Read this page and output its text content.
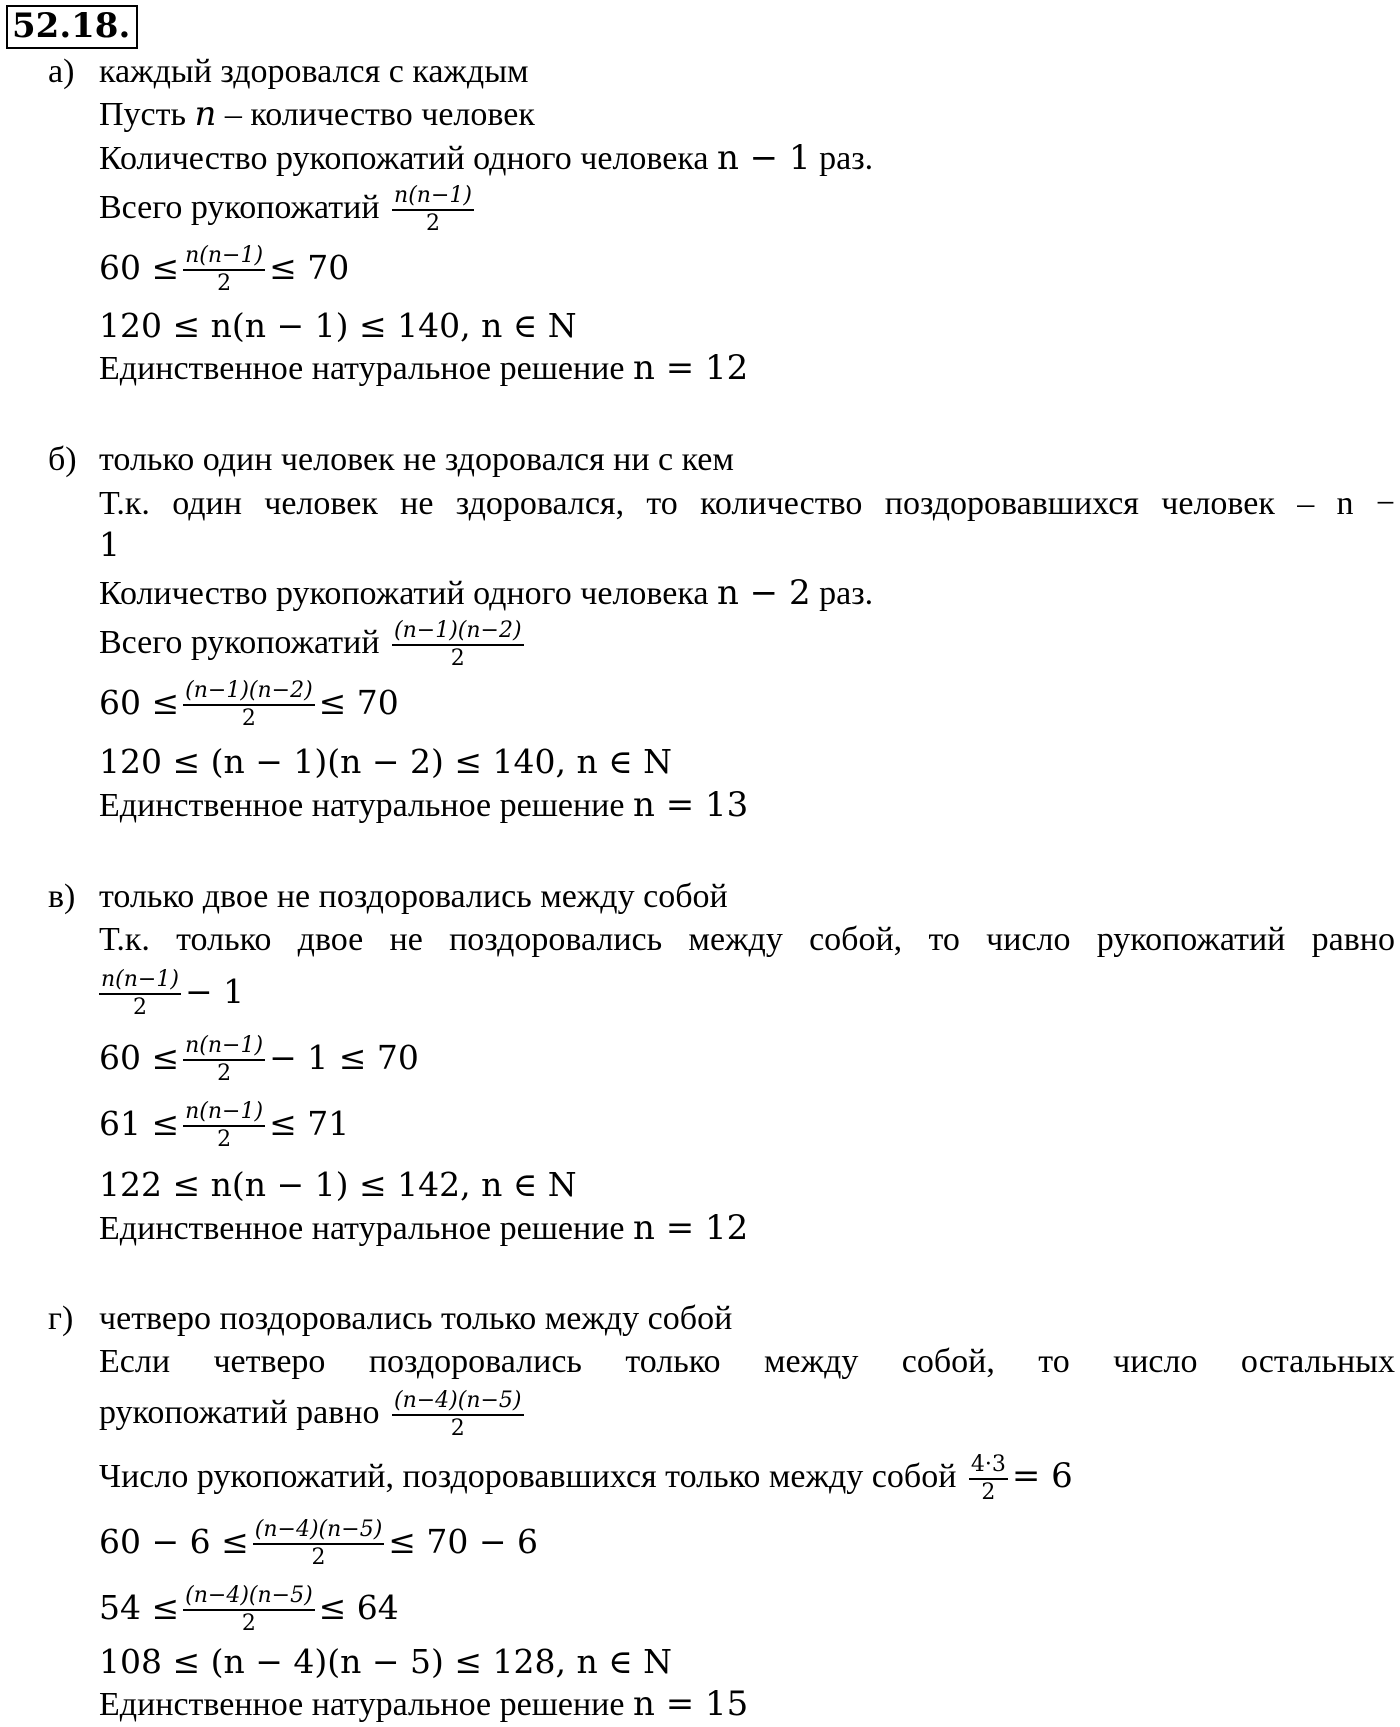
52.18.
а) каждый здоровался с каждым
Пусть n – количество человек
Количество рукопожатий одного человека n − 1 раз.
Всего рукопожатий $\frac{n(n-1)}{2}$
$60 \le \frac{n(n-1)}{2} \le 70$
120 ≤ n(n − 1) ≤ 140, n ∈ N
Единственное натуральное решение n = 12
б) только один человек не здоровался ни с кем
Т.к. один человек не здоровался, то количество поздоровавшихся человек – n −
1
Количество рукопожатий одного человека n − 2 раз.
Всего рукопожатий $\frac{(n-1)(n-2)}{2}$
$60 \le \frac{(n-1)(n-2)}{2} \le 70$
120 ≤ (n − 1)(n − 2) ≤ 140, n ∈ N
Единственное натуральное решение n = 13
в) только двое не поздоровались между собой
Т.к. только двое не поздоровались между собой, то число рукопожатий равно
$\frac{n(n-1)}{2} - 1$
$60 \le \frac{n(n-1)}{2} - 1 \le 70$
$61 \le \frac{n(n-1)}{2} \le 71$
122 ≤ n(n − 1) ≤ 142, n ∈ N
Единственное натуральное решение n = 12
г) четверо поздоровались только между собой
Если четверо поздоровались только между собой, то число остальных
рукопожатий равно $\frac{(n-4)(n-5)}{2}$
Число рукопожатий, поздоровавшихся только между собой $\frac{4\cdot 3}{2} = 6$
$60 - 6 \le \frac{(n-4)(n-5)}{2} \le 70 - 6$
$54 \le \frac{(n-4)(n-5)}{2} \le 64$
108 ≤ (n − 4)(n − 5) ≤ 128, n ∈ N
Единственное натуральное решение n = 15
